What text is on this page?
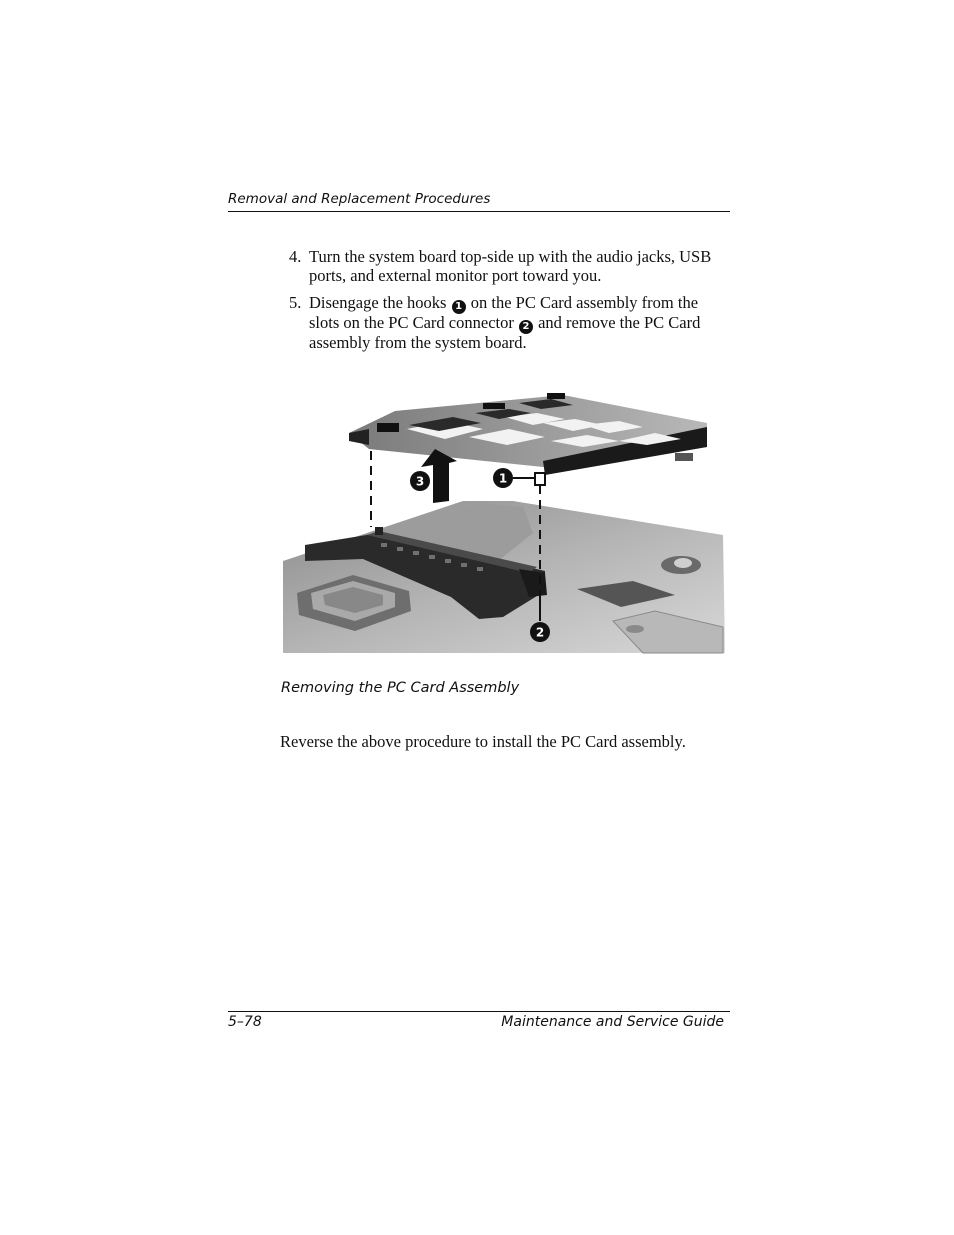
Removal and Replacement Procedures
4. Turn the system board top-side up with the audio jacks, USB ports, and external monitor port toward you.
5. Disengage the hooks 1 on the PC Card assembly from the slots on the PC Card connector 2 and remove the PC Card assembly from the system board.
3	1
2
Removing the PC Card Assembly
Reverse the above procedure to install the PC Card assembly.
5–78	Maintenance and Service Guide
